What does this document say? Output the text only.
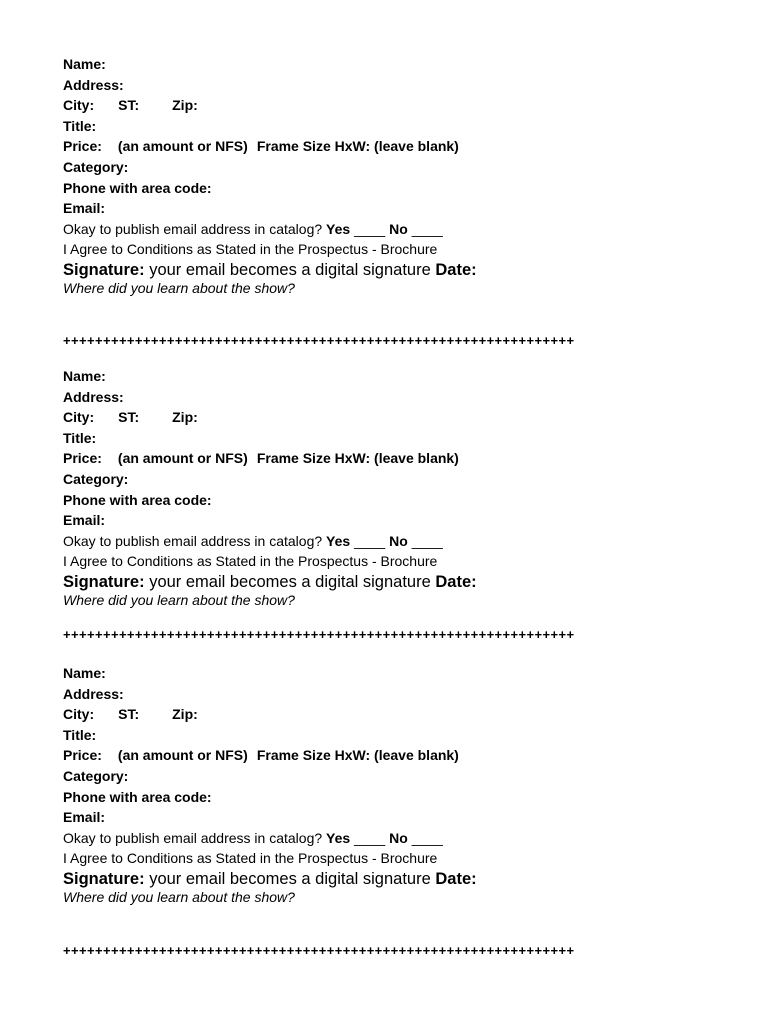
Name:
Address:
City: ST: Zip:
Title:
Price: (an amount or NFS) Frame Size HxW: (leave blank)
Category:
Phone with area code:
Email:
Okay to publish email address in catalog? Yes ____ No ____
I Agree to Conditions as Stated in the Prospectus - Brochure
Signature: your email becomes a digital signature Date:
Where did you learn about the show?
++++++++++++++++++++++++++++++++++++++++++++++++++++++++++++++++
Name:
Address:
City: ST: Zip:
Title:
Price: (an amount or NFS) Frame Size HxW: (leave blank)
Category:
Phone with area code:
Email:
Okay to publish email address in catalog? Yes ____ No ____
I Agree to Conditions as Stated in the Prospectus - Brochure
Signature: your email becomes a digital signature Date:
Where did you learn about the show?
++++++++++++++++++++++++++++++++++++++++++++++++++++++++++++++++
Name:
Address:
City: ST: Zip:
Title:
Price: (an amount or NFS) Frame Size HxW: (leave blank)
Category:
Phone with area code:
Email:
Okay to publish email address in catalog? Yes ____ No ____
I Agree to Conditions as Stated in the Prospectus - Brochure
Signature: your email becomes a digital signature Date:
Where did you learn about the show?
++++++++++++++++++++++++++++++++++++++++++++++++++++++++++++++++
